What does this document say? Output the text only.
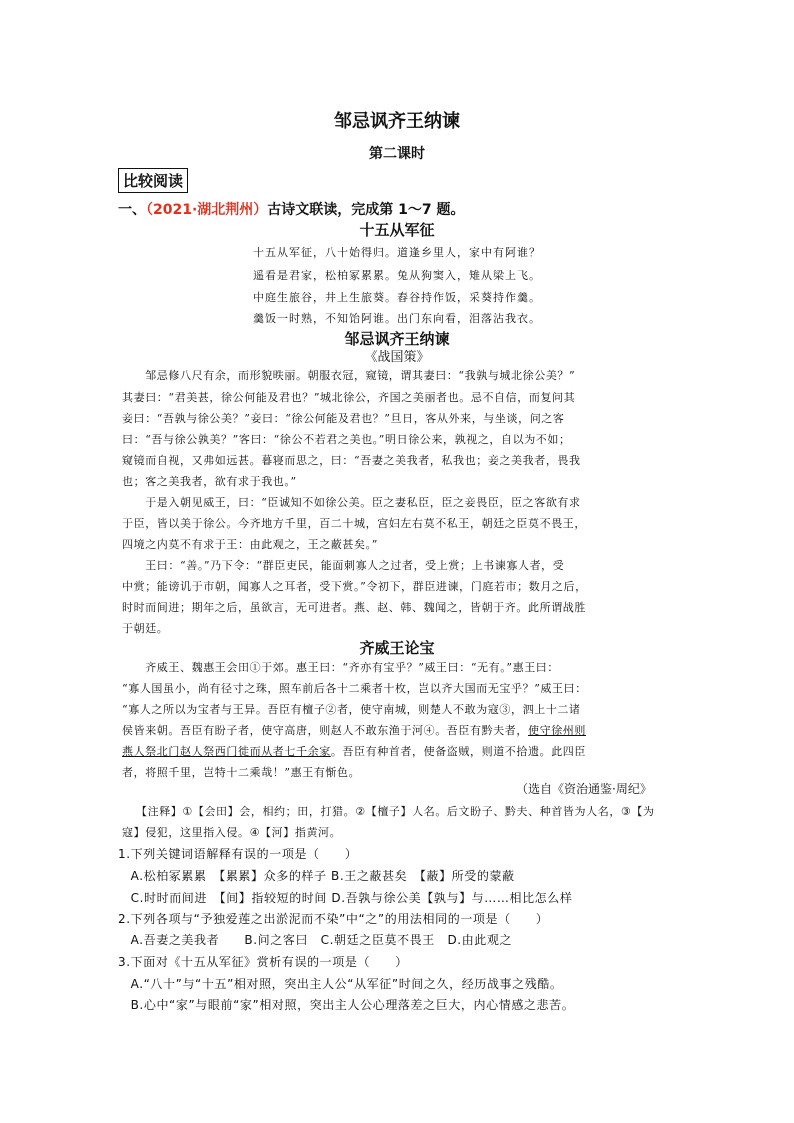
邹忌讽齐王纳谏
第二课时
比较阅读
一、（2021·湖北荆州）古诗文联读，完成第 1～7 题。
十五从军征
十五从军征，八十始得归。道逢乡里人，家中有阿谁？
遥看是君家，松柏冢累累。兔从狗窦入，雉从梁上飞。
中庭生旅谷，井上生旅葵。舂谷持作饭，采葵持作羹。
羹饭一时熟，不知饴阿谁。出门东向看，泪落沾我衣。
邹忌讽齐王纳谏
《战国策》
　　邹忌修八尺有余，而形貌昳丽。朝服衣冠，窥镜，谓其妻曰：“我孰与城北徐公美？”
其妻曰：“君美甚，徐公何能及君也？”城北徐公，齐国之美丽者也。忌不自信，而复问其
妾曰：“吾孰与徐公美？”妾曰：“徐公何能及君也？”旦日，客从外来，与坐谈，问之客
曰：“吾与徐公孰美？”客曰：“徐公不若君之美也。”明日徐公来，孰视之，自以为不如；
窥镜而自视，又弗如远甚。暮寝而思之，曰：“吾妻之美我者，私我也；妾之美我者，畏我
也；客之美我者，欲有求于我也。”
　　于是入朝见威王，曰：“臣诚知不如徐公美。臣之妻私臣，臣之妾畏臣，臣之客欲有求
于臣，皆以美于徐公。今齐地方千里，百二十城，宫妇左右莫不私王，朝廷之臣莫不畏王，
四境之内莫不有求于王：由此观之，王之蔽甚矣。”
　　王曰：“善。”乃下令：“群臣吏民，能面刺寡人之过者，受上赏；上书谏寡人者，受
中赏；能谤讥于市朝，闻寡人之耳者，受下赏。”令初下，群臣进谏，门庭若市；数月之后，
时时而间进；期年之后，虽欲言，无可进者。燕、赵、韩、魏闻之，皆朝于齐。此所谓战胜
于朝廷。
齐威王论宝
　　齐威王、魏惠王会田①于郊。惠王曰：“齐亦有宝乎？”威王曰：“无有。”惠王曰：
“寡人国虽小，尚有径寸之珠，照车前后各十二乘者十枚，岂以齐大国而无宝乎？”威王曰：
“寡人之所以为宝者与王异。吾臣有檀子②者，使守南城，则楚人不敢为寇③，泗上十二诸
侯皆来朝。吾臣有盼子者，使守高唐，则赵人不敢东渔于河④。吾臣有黔夫者，使守徐州则
燕人祭北门赵人祭西门徙而从者七千余家。吾臣有种首者，使备盗贼，则道不拾遗。此四臣
者，将照千里，岂特十二乘哉！”惠王有惭色。
（选自《资治通鉴·周纪》
【注释】①【会田】会，相约；田，打猎。②【檀子】人名。后文盼子、黔夫、种首皆为人名，③【为
寇】侵犯，这里指入侵。④【河】指黄河。
1.下列关键词语解释有误的一项是（　　）
　A.松柏冢累累　【累累】众多的样子 B.王之蔽甚矣　【蔽】所受的蒙蔽
　C.时时而间进　【间】指较短的时间 D.吾孰与徐公美【孰与】与……相比怎么样
2.下列各项与“予独爱莲之出淤泥而不染”中“之”的用法相同的一项是（　　）
　A.吾妻之美我者　　B.问之客曰　C.朝廷之臣莫不畏王　D.由此观之
3.下面对《十五从军征》赏析有误的一项是（　　）
　A.“八十”与“十五”相对照，突出主人公“从军征”时间之久，经历战事之残酷。
　B.心中“家”与眼前“家”相对照，突出主人公心理落差之巨大，内心情感之悲苦。
